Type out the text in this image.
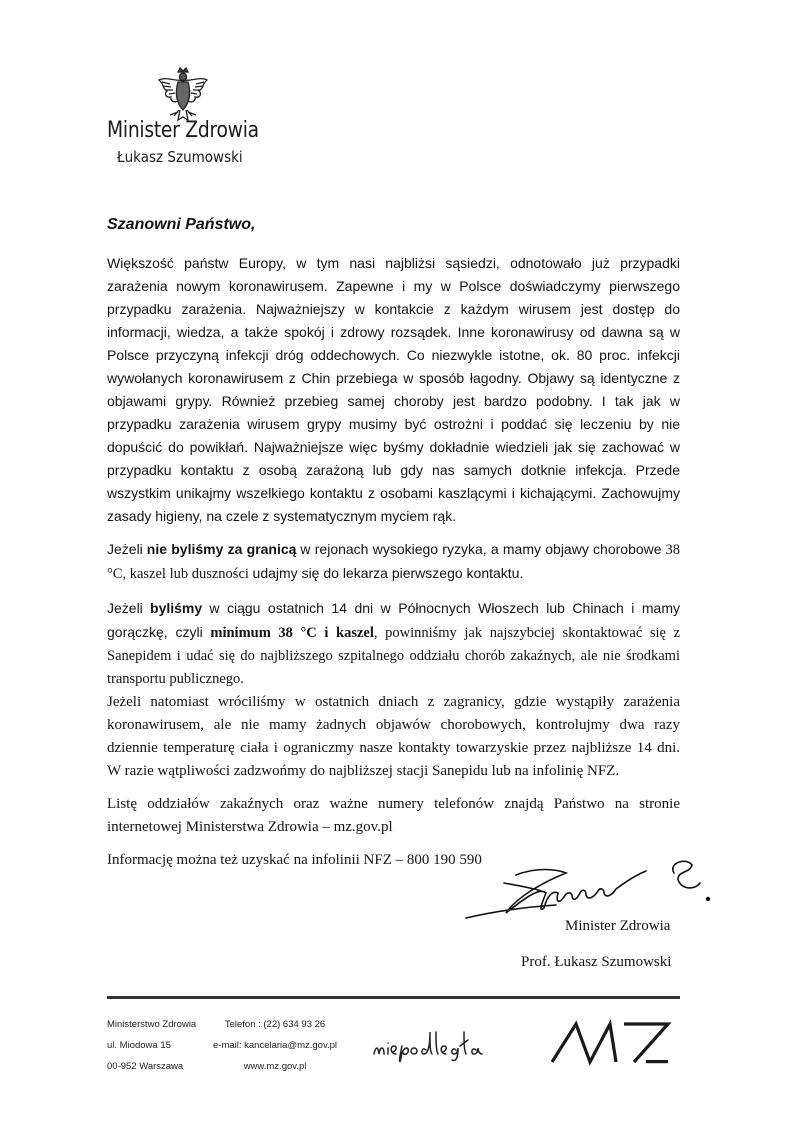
Minister Zdrowia
Łukasz Szumowski
Szanowni Państwo,

Większość państw Europy, w tym nasi najbliżsi sąsiedzi, odnotowało już przypadki zarażenia nowym koronawirusem. Zapewne i my w Polsce doświadczymy pierwszego przypadku zarażenia. Najważniejszy w kontakcie z każdym wirusem jest dostęp do informacji, wiedza, a także spokój i zdrowy rozsądek. Inne koronawirusy od dawna są w Polsce przyczyną infekcji dróg oddechowych. Co niezwykle istotne, ok. 80 proc. infekcji wywołanych koronawirusem z Chin przebiega w sposób łagodny. Objawy są identyczne z objawami grypy. Również przebieg samej choroby jest bardzo podobny. I tak jak w przypadku zarażenia wirusem grypy musimy być ostrożni i poddać się leczeniu by nie dopuścić do powikłań. Najważniejsze więc byśmy dokładnie wiedzieli jak się zachować w przypadku kontaktu z osobą zarażoną lub gdy nas samych dotknie infekcja. Przede wszystkim unikajmy wszelkiego kontaktu z osobami kaszlącymi i kichającymi. Zachowujmy zasady higieny, na czele z systematycznym myciem rąk.

Jeżeli nie byliśmy za granicą w rejonach wysokiego ryzyka, a mamy objawy chorobowe 38 °C, kaszel lub duszności udajmy się do lekarza pierwszego kontaktu.

Jeżeli byliśmy w ciągu ostatnich 14 dni w Północnych Włoszech lub Chinach i mamy gorączkę, czyli minimum 38 °C i kaszel, powinniśmy jak najszybciej skontaktować się z Sanepidem i udać się do najbliższego szpitalnego oddziału chorób zakaźnych, ale nie środkami transportu publicznego.

Jeżeli natomiast wróciliśmy w ostatnich dniach z zagranicy, gdzie wystąpiły zarażenia koronawirusem, ale nie mamy żadnych objawów chorobowych, kontrolujmy dwa razy dziennie temperaturę ciała i ograniczmy nasze kontakty towarzyskie przez najbliższe 14 dni. W razie wątpliwości zadzwońmy do najbliższej stacji Sanepidu lub na infolinię NFZ.

Listę oddziałów zakaźnych oraz ważne numery telefonów znajdą Państwo na stronie internetowej Ministerstwa Zdrowia – mz.gov.pl

Informację można też uzyskać na infolinii NFZ – 800 190 590

Minister Zdrowia
Prof. Łukasz Szumowski
Ministerstwo Zdrowia
ul. Miodowa 15
00-952 Warszawa
Telefon : (22) 634 93 26
e-mail: kancelaria@mz.gov.pl
www.mz.gov.pl
